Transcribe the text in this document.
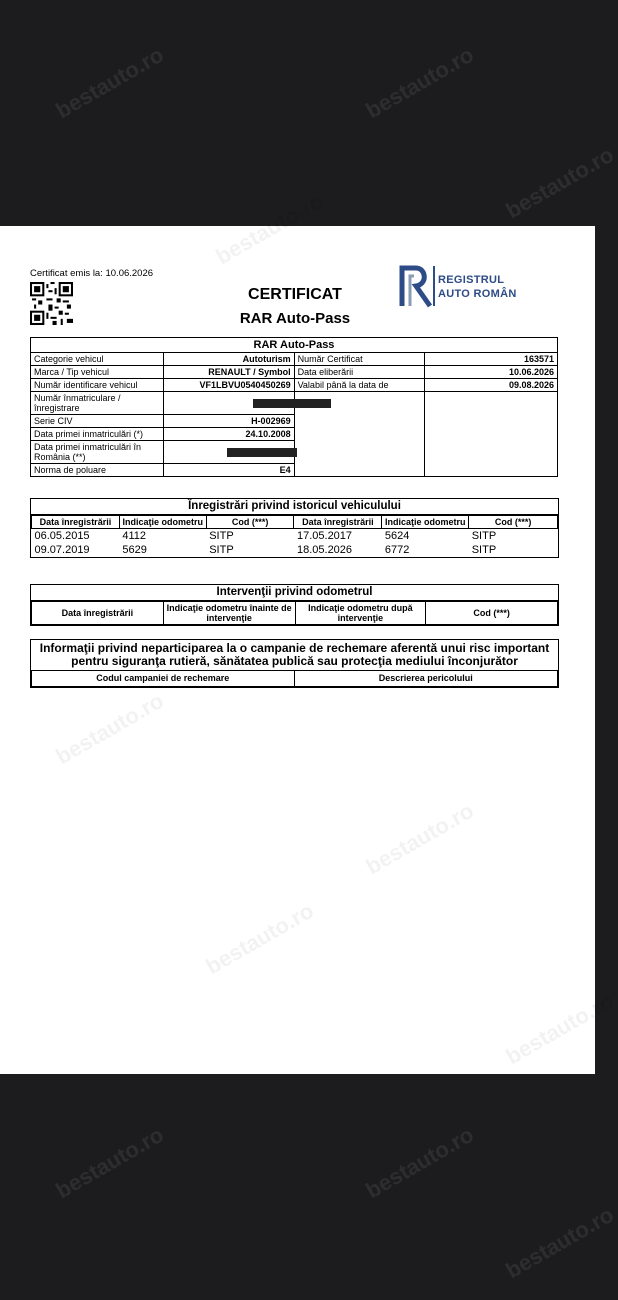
bestauto.ro	bestauto.ro
bestauto.ro
bestauto.ro	bestauto.ro
bestauto.ro
bestauto.ro
bestauto.ro
bestauto.ro
bestauto.ro
bestauto.ro
Certificat emis la: 10.06.2026
CERTIFICAT
RAR Auto-Pass
REGISTRUL
AUTO ROMÂN
RAR Auto-Pass			
Categorie vehicul	Autoturism	Număr Certificat	163571
Marca / Tip vehicul	RENAULT / Symbol	Data eliberării	10.06.2026
Număr identificare vehicul	VF1LBVU0540450269	Valabil până la data de	09.08.2026
Număr înmatriculare / înregistrare			
Serie CIV	H-002969		
Data primei inmatriculări (*)	24.10.2008		
Data primei inmatriculări în România (**)			
Norma de poluare	E4		
Înregistrări privind istoricul vehiculului
Data înregistrării	Indicaţie odometru	Cod (***)	Data înregistrării	Indicaţie odometru	Cod (***)
06.05.2015	4112	SITP	17.05.2017	5624	SITP
09.07.2019	5629	SITP	18.05.2026	6772	SITP
Intervenţii privind odometrul
Data înregistrării	Indicaţie odometru înainte de intervenţie	Indicaţie odometru după intervenţie	Cod (***)
Informaţii privind neparticiparea la o campanie de rechemare aferentă unui risc important pentru siguranţa rutieră, sănătatea publică sau protecţia mediului înconjurător
Codul campaniei de rechemare	Descrierea pericolului
